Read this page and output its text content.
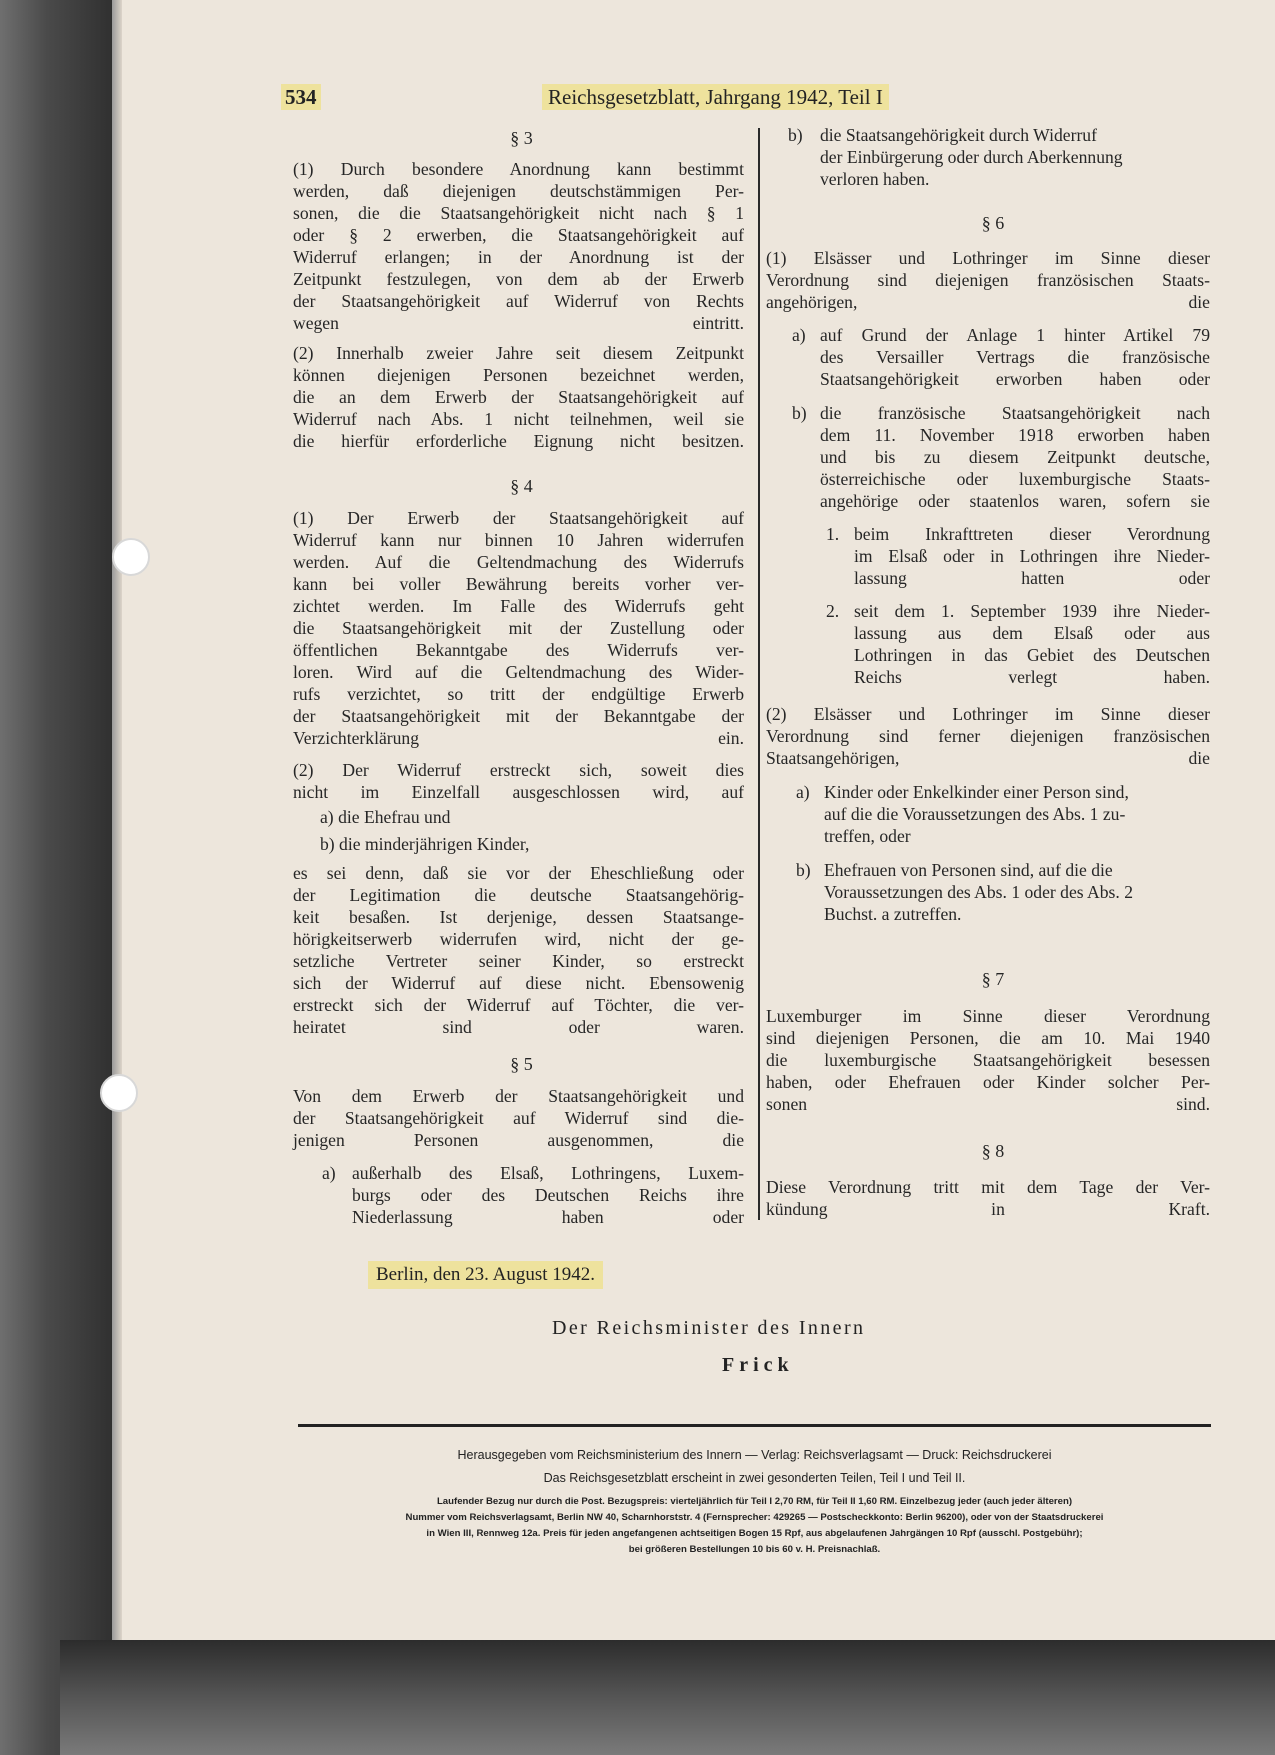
534	Reichsgesetzblatt, Jahrgang 1942, Teil I
§ 3
(1) Durch besondere Anordnung kann bestimmt
werden, daß diejenigen deutschstämmigen Per-
sonen, die die Staatsangehörigkeit nicht nach § 1
oder § 2 erwerben, die Staatsangehörigkeit auf
Widerruf erlangen; in der Anordnung ist der
Zeitpunkt festzulegen, von dem ab der Erwerb
der Staatsangehörigkeit auf Widerruf von Rechts
wegen eintritt.
(2) Innerhalb zweier Jahre seit diesem Zeitpunkt
können diejenigen Personen bezeichnet werden,
die an dem Erwerb der Staatsangehörigkeit auf
Widerruf nach Abs. 1 nicht teilnehmen, weil sie
die hierfür erforderliche Eignung nicht besitzen.
§ 4
(1) Der Erwerb der Staatsangehörigkeit auf
Widerruf kann nur binnen 10 Jahren widerrufen
werden. Auf die Geltendmachung des Widerrufs
kann bei voller Bewährung bereits vorher ver-
zichtet werden. Im Falle des Widerrufs geht
die Staatsangehörigkeit mit der Zustellung oder
öffentlichen Bekanntgabe des Widerrufs ver-
loren. Wird auf die Geltendmachung des Wider-
rufs verzichtet, so tritt der endgültige Erwerb
der Staatsangehörigkeit mit der Bekanntgabe der
Verzichterklärung ein.
(2) Der Widerruf erstreckt sich, soweit dies
nicht im Einzelfall ausgeschlossen wird, auf
a) die Ehefrau und
b) die minderjährigen Kinder,
es sei denn, daß sie vor der Eheschließung oder
der Legitimation die deutsche Staatsangehörig-
keit besaßen. Ist derjenige, dessen Staatsange-
hörigkeitserwerb widerrufen wird, nicht der ge-
setzliche Vertreter seiner Kinder, so erstreckt
sich der Widerruf auf diese nicht. Ebensowenig
erstreckt sich der Widerruf auf Töchter, die ver-
heiratet sind oder waren.
§ 5
Von dem Erwerb der Staatsangehörigkeit und
der Staatsangehörigkeit auf Widerruf sind die-
jenigen Personen ausgenommen, die
a) außerhalb des Elsaß, Lothringens, Luxem-
burgs oder des Deutschen Reichs ihre
Niederlassung haben oder
b) die Staatsangehörigkeit durch Widerruf
der Einbürgerung oder durch Aberkennung
verloren haben.
§ 6
(1) Elsässer und Lothringer im Sinne dieser
Verordnung sind diejenigen französischen Staats-
angehörigen, die
a) auf Grund der Anlage 1 hinter Artikel 79
des Versailler Vertrags die französische
Staatsangehörigkeit erworben haben oder
b) die französische Staatsangehörigkeit nach
dem 11. November 1918 erworben haben
und bis zu diesem Zeitpunkt deutsche,
österreichische oder luxemburgische Staats-
angehörige oder staatenlos waren, sofern sie
1. beim Inkrafttreten dieser Verordnung
im Elsaß oder in Lothringen ihre Nieder-
lassung hatten oder
2. seit dem 1. September 1939 ihre Nieder-
lassung aus dem Elsaß oder aus
Lothringen in das Gebiet des Deutschen
Reichs verlegt haben.
(2) Elsässer und Lothringer im Sinne dieser
Verordnung sind ferner diejenigen französischen
Staatsangehörigen, die
a) Kinder oder Enkelkinder einer Person sind,
auf die die Voraussetzungen des Abs. 1 zu-
treffen, oder
b) Ehefrauen von Personen sind, auf die die
Voraussetzungen des Abs. 1 oder des Abs. 2
Buchst. a zutreffen.
§ 7
Luxemburger im Sinne dieser Verordnung
sind diejenigen Personen, die am 10. Mai 1940
die luxemburgische Staatsangehörigkeit besessen
haben, oder Ehefrauen oder Kinder solcher Per-
sonen sind.
§ 8
Diese Verordnung tritt mit dem Tage der Ver-
kündung in Kraft.
Berlin, den 23. August 1942.
Der Reichsminister des Innern
Frick
Herausgegeben vom Reichsministerium des Innern — Verlag: Reichsverlagsamt — Druck: Reichsdruckerei
Das Reichsgesetzblatt erscheint in zwei gesonderten Teilen, Teil I und Teil II.
Laufender Bezug nur durch die Post. Bezugspreis: vierteljährlich für Teil I 2,70 RM, für Teil II 1,60 RM. Einzelbezug jeder (auch jeder älteren)
Nummer vom Reichsverlagsamt, Berlin NW 40, Scharnhorststr. 4 (Fernsprecher: 429265 — Postscheckkonto: Berlin 96200), oder von der Staatsdruckerei
in Wien III, Rennweg 12a. Preis für jeden angefangenen achtseitigen Bogen 15 Rpf, aus abgelaufenen Jahrgängen 10 Rpf (ausschl. Postgebühr);
bei größeren Bestellungen 10 bis 60 v. H. Preisnachlaß.
